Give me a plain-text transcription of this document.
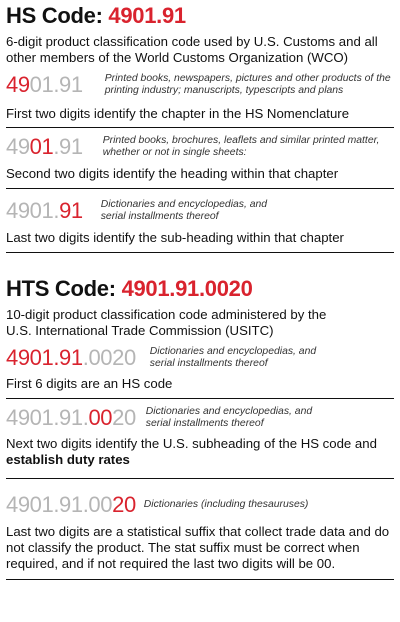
HS Code: 4901.91

6-digit product classification code used by U.S. Customs and all other members of the World Customs Organization (WCO)

4901.91 Printed books, newspapers, pictures and other products of the printing industry; manuscripts, typescripts and plans

First two digits identify the chapter in the HS Nomenclature

4901.91 Printed books, brochures, leaflets and similar printed matter, whether or not in single sheets:

Second two digits identify the heading within that chapter

4901.91 Dictionaries and encyclopedias, and serial installments thereof

Last two digits identify the sub-heading within that chapter

HTS Code: 4901.91.0020

10-digit product classification code administered by the U.S. International Trade Commission (USITC)

4901.91.0020 Dictionaries and encyclopedias, and serial installments thereof

First 6 digits are an HS code

4901.91.0020 Dictionaries and encyclopedias, and serial installments thereof

Next two digits identify the U.S. subheading of the HS code and establish duty rates

4901.91.0020 Dictionaries (including thesauruses)

Last two digits are a statistical suffix that collect trade data and do not classify the product. The stat suffix must be correct when required, and if not required the last two digits will be 00.
